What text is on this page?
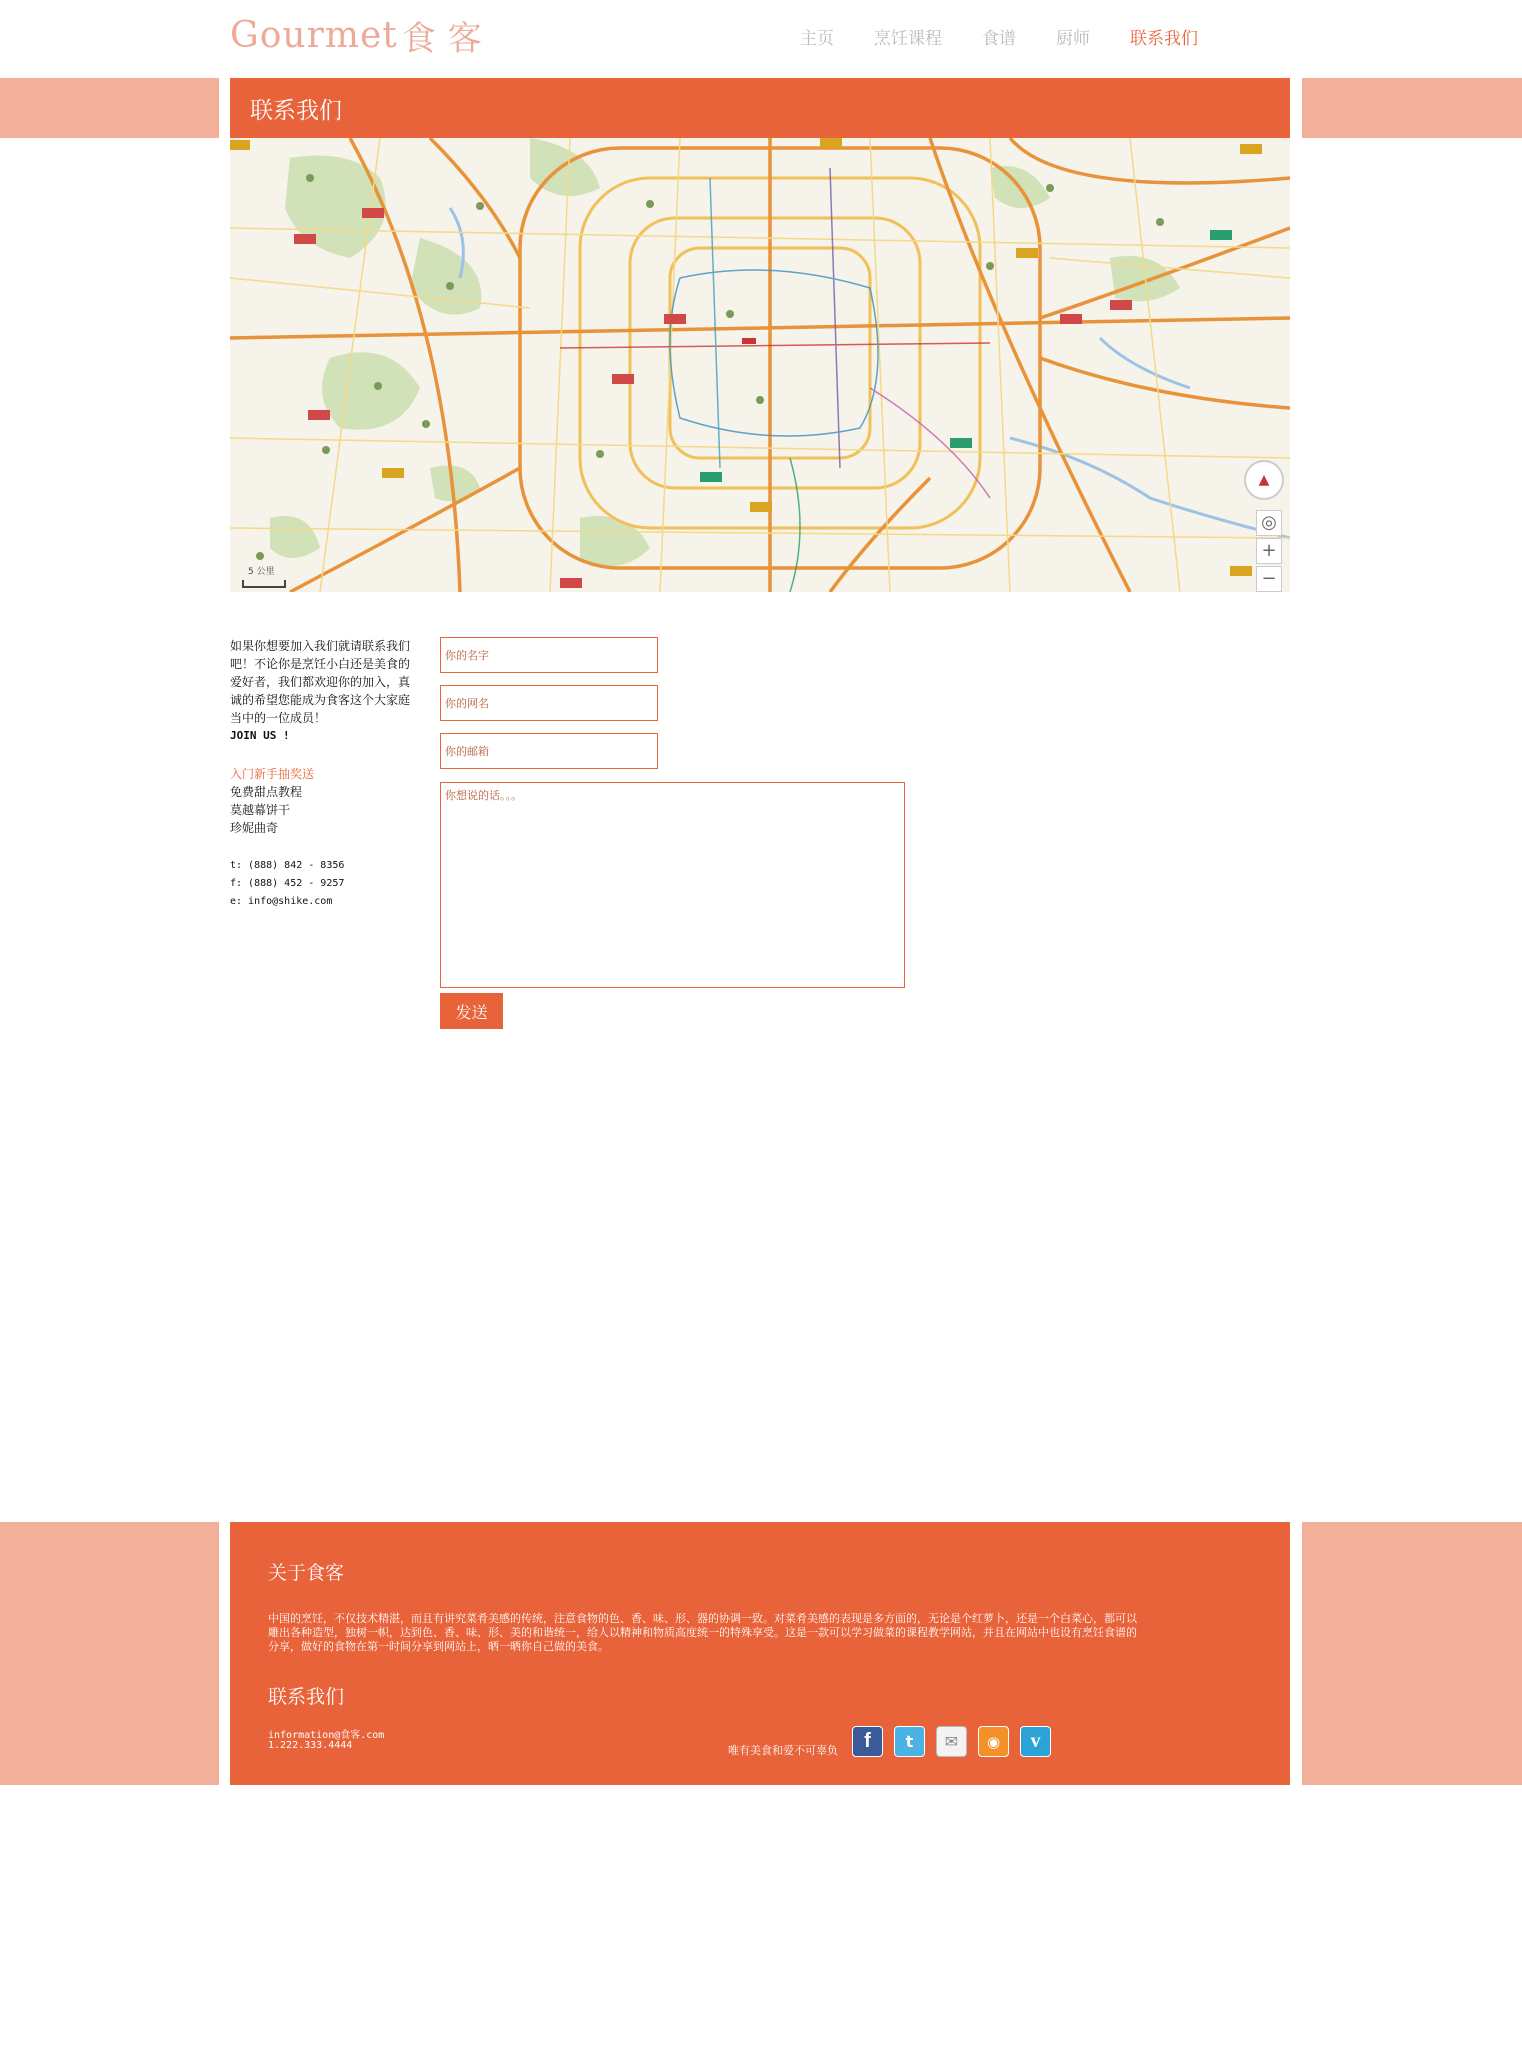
Gourmet 食客	主页 烹饪课程 食谱 厨师 联系我们
联系我们
▲
◎
+
−

如果你想要加入我们就请联系我们吧！不论你是烹饪小白还是美食的爱好者，我们都欢迎你的加入，真诚的希望您能成为食客这个大家庭当中的一位成员！

JOIN US !

入门新手抽奖送

免费甜点教程

莫越幕饼干

珍妮曲奇

t: (888) 842 - 8356

f: (888) 452 - 9257

e: info@shike.com

你的名字
你的网名
你的邮箱
你想说的话。。。
发送
关于食客

中国的烹饪，不仅技术精湛，而且有讲究菜肴美感的传统，注意食物的色、香、味、形、器的协调一致。对菜肴美感的表现是多方面的，无论是个红萝卜，还是一个白菜心，都可以雕出各种造型，独树一帜，达到色、香、味、形、美的和谐统一，给人以精神和物质高度统一的特殊享受。这是一款可以学习做菜的课程教学网站，并且在网站中也设有烹饪食谱的分享，做好的食物在第一时间分享到网站上，晒一晒你自己做的美食。

联系我们
information@食客.com
1.222.333.4444	唯有美食和爱不可辜负	f	t	✉	◉	v
